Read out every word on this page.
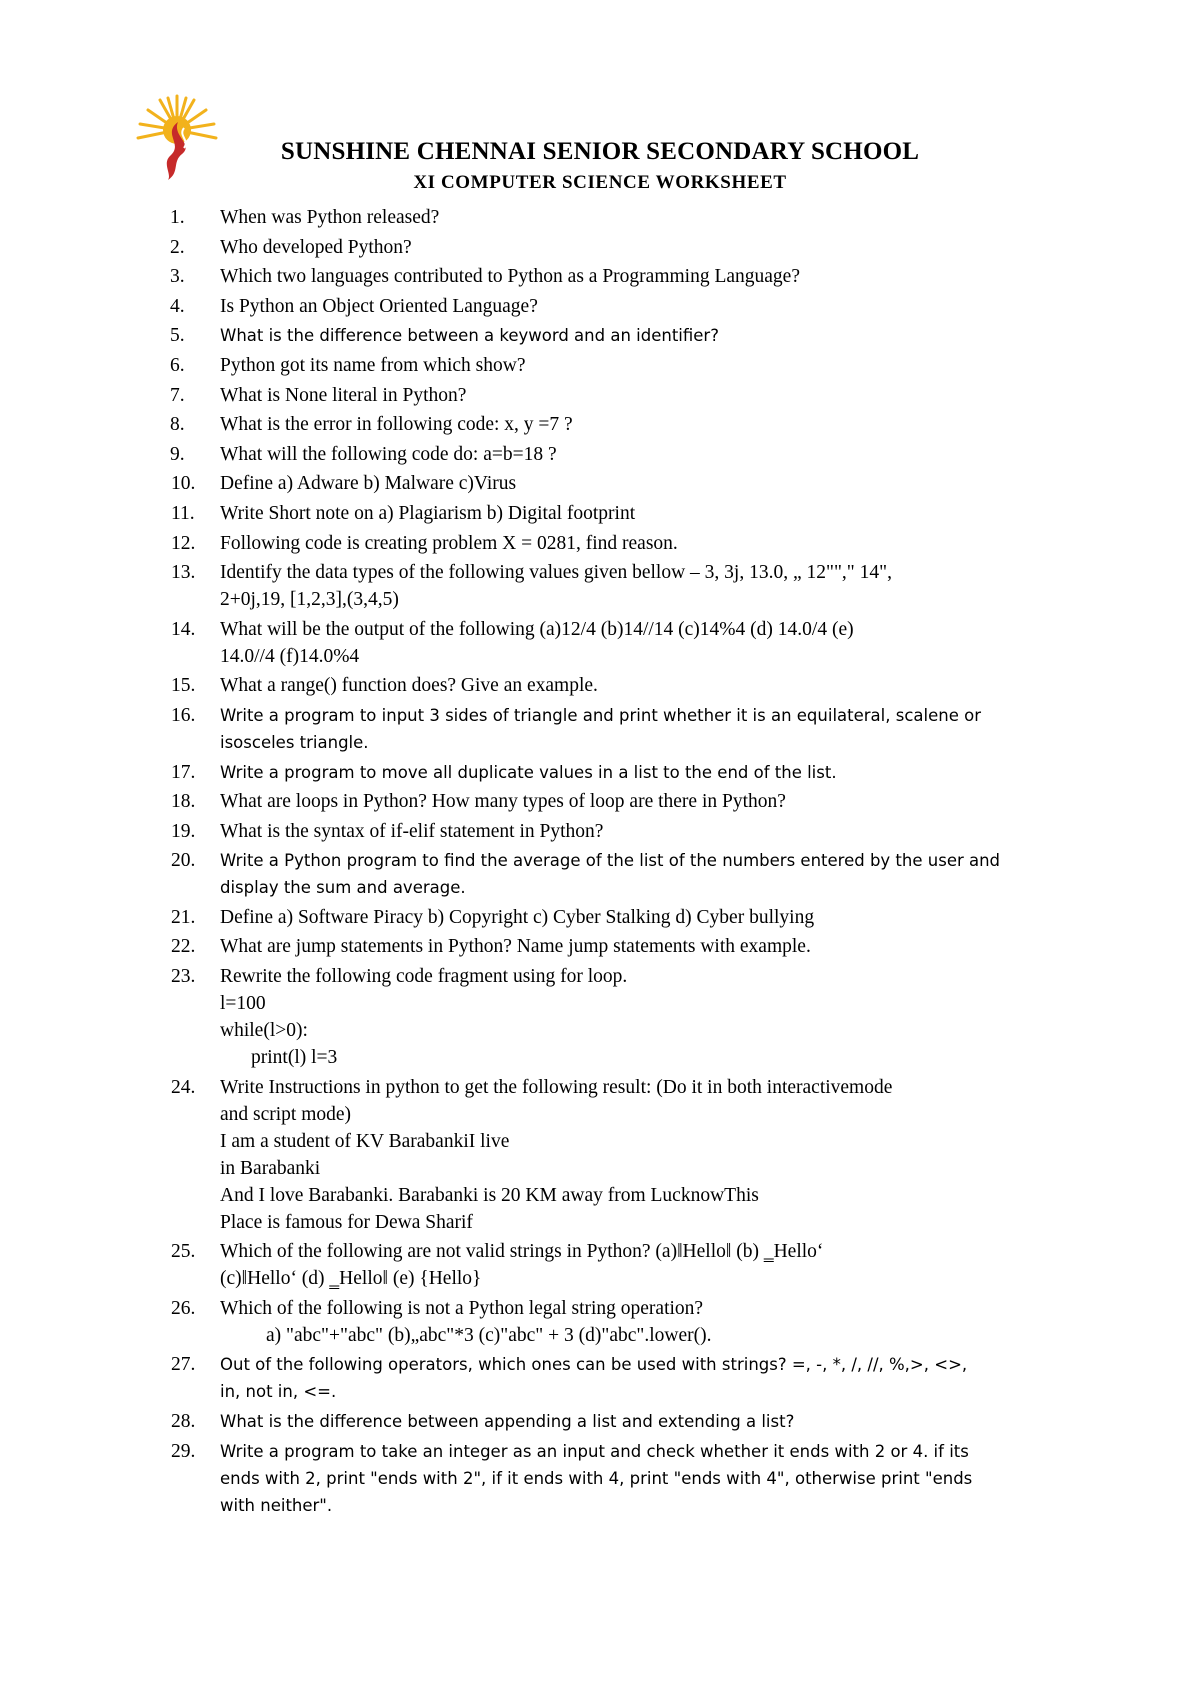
SUNSHINE CHENNAI SENIOR SECONDARY SCHOOL
XI COMPUTER SCIENCE WORKSHEET
1.	When was Python released?
2.	Who developed Python?
3.	Which two languages contributed to Python as a Programming Language?
4.	Is Python an Object Oriented Language?
5.	What is the difference between a keyword and an identifier?
6.	Python got its name from which show?
7.	What is None literal in Python?
8.	What is the error in following code: x, y =7 ?
9.	What will the following code do: a=b=18 ?
10.	Define a) Adware b) Malware c)Virus
11.	Write Short note on a) Plagiarism b) Digital footprint
12.	Following code is creating problem X = 0281, find reason.
13.	Identify the data types of the following values given bellow – 3, 3j, 13.0, „ 12""," 14",
2+0j,19, [1,2,3],(3,4,5)
14.	What will be the output of the following (a)12/4 (b)14//14 (c)14%4 (d) 14.0/4 (e)
14.0//4 (f)14.0%4
15.	What a range() function does? Give an example.
16.	Write a program to input 3 sides of triangle and print whether it is an equilateral, scalene or
isosceles triangle.
17.	Write a program to move all duplicate values in a list to the end of the list.
18.	What are loops in Python? How many types of loop are there in Python?
19.	What is the syntax of if-elif statement in Python?
20.	Write a Python program to find the average of the list of the numbers entered by the user and
display the sum and average.
21.	Define a) Software Piracy b) Copyright c) Cyber Stalking d) Cyber bullying
22.	What are jump statements in Python? Name jump statements with example.
23.	Rewrite the following code fragment using for loop.
l=100
while(l>0):
print(l) l=3
24.	Write Instructions in python to get the following result: (Do it in both interactivemode
and script mode)
I am a student of KV BarabankiI live
in Barabanki
And I love Barabanki. Barabanki is 20 KM away from LucknowThis
Place is famous for Dewa Sharif
25.	Which of the following are not valid strings in Python? (a)‖Hello‖ (b) ‗Hello‘
(c)‖Hello‘ (d) ‗Hello‖ (e) {Hello}
26.	Which of the following is not a Python legal string operation?
a) "abc"+"abc" (b)„abc"*3 (c)"abc" + 3 (d)"abc".lower().
27.	Out of the following operators, which ones can be used with strings? =, -, *, /, //, %,>, <>,
in, not in, <=.
28.	What is the difference between appending a list and extending a list?
29.	Write a program to take an integer as an input and check whether it ends with 2 or 4. if its
ends with 2, print "ends with 2", if it ends with 4, print "ends with 4", otherwise print "ends
with neither".
